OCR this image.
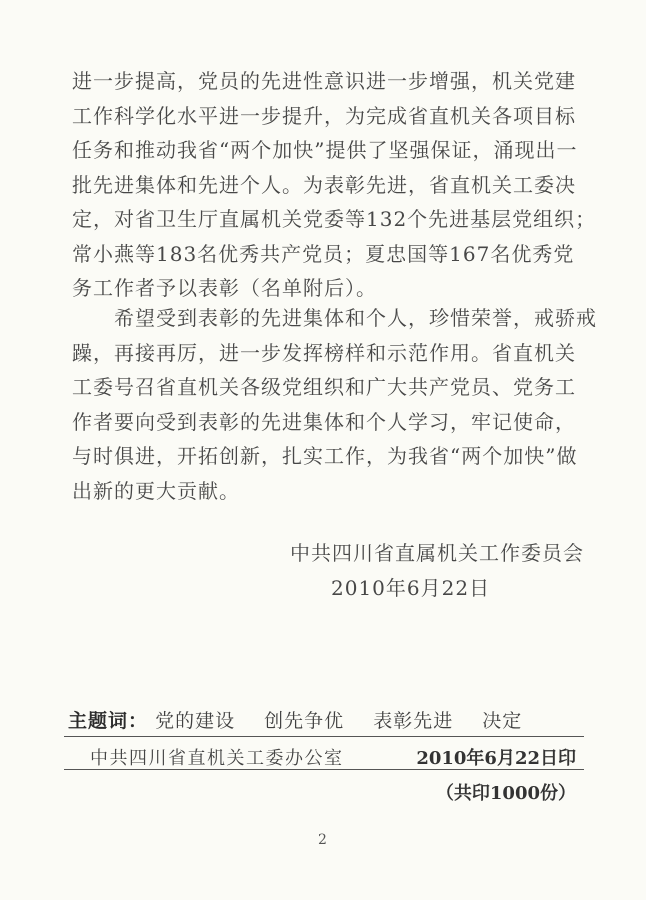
进一步提高，党员的先进性意识进一步增强，机关党建
工作科学化水平进一步提升，为完成省直机关各项目标
任务和推动我省“两个加快”提供了坚强保证，涌现出一
批先进集体和先进个人。为表彰先进，省直机关工委决
定，对省卫生厅直属机关党委等132个先进基层党组织；
常小燕等183名优秀共产党员；夏忠国等167名优秀党
务工作者予以表彰（名单附后）。
　　希望受到表彰的先进集体和个人，珍惜荣誉，戒骄戒
躁，再接再厉，进一步发挥榜样和示范作用。省直机关
工委号召省直机关各级党组织和广大共产党员、党务工
作者要向受到表彰的先进集体和个人学习，牢记使命，
与时俱进，开拓创新，扎实工作，为我省“两个加快”做
出新的更大贡献。
中共四川省直属机关工作委员会
2010年6月22日
主题词： 党的建设 创先争优 表彰先进 决定
中共四川省直机关工委办公室	2010年6月22日印
（共印1000份）
2
